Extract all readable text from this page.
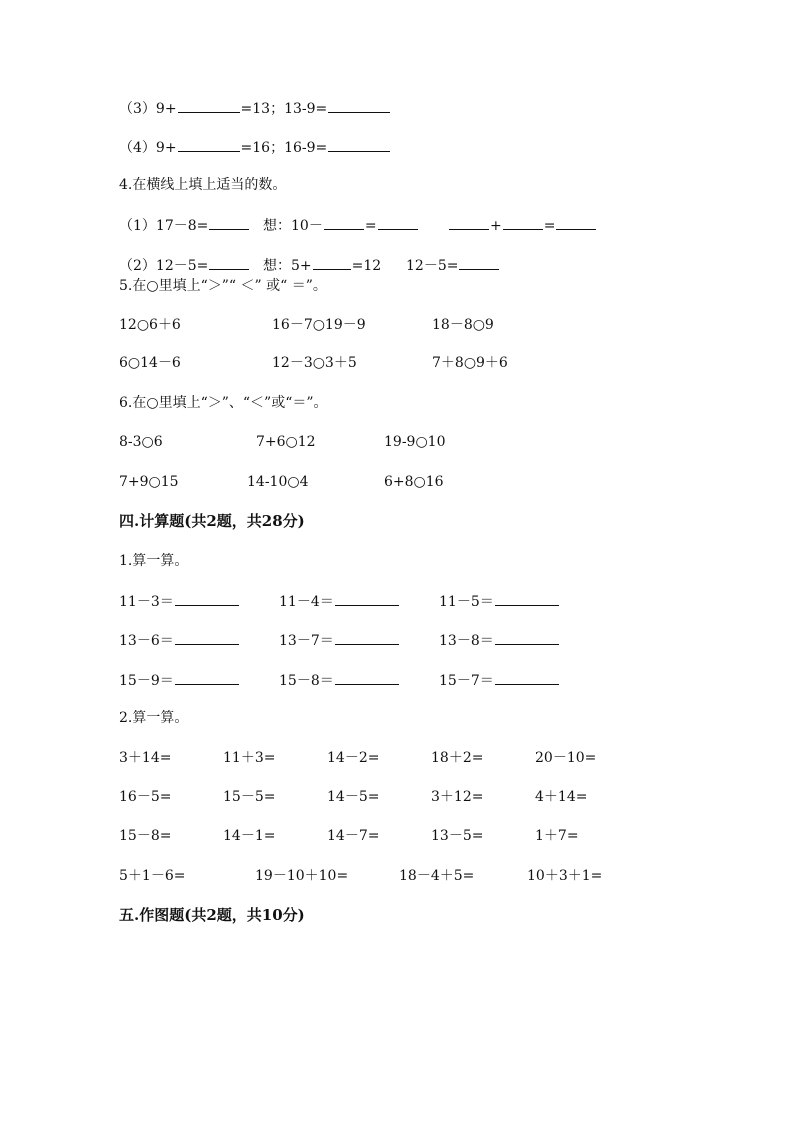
（3）9+	=13；13-9=
（4）9+	=16；16-9=
4.在横线上填上适当的数。
（1）17－8=	想：10－	=	+	=
（2）12－5=	想：5+	=12 12－5=
5.在○里填上“＞”“ ＜” 或“ ＝”。
12○6＋6	16－7○19－9	18－8○9
6○14－6	12－3○3＋5	7＋8○9＋6
6.在○里填上“＞”、“＜”或“＝”。
8-3○6	7+6○12	19-9○10
7+9○15	14-10○4	6+8○16
四.计算题(共2题，共28分)
1.算一算。
11－3＝	11－4＝	11－5＝
13－6＝	13－7＝	13－8＝
15－9＝	15－8＝	15－7＝
2.算一算。
3＋14=	11＋3=	14－2=	18＋2=	20－10=
16－5=	15－5=	14－5=	3＋12=	4＋14=
15－8=	14－1=	14－7=	13－5=	1＋7=
5＋1－6=	19－10＋10=	18－4＋5=	10＋3＋1=
五.作图题(共2题，共10分)
